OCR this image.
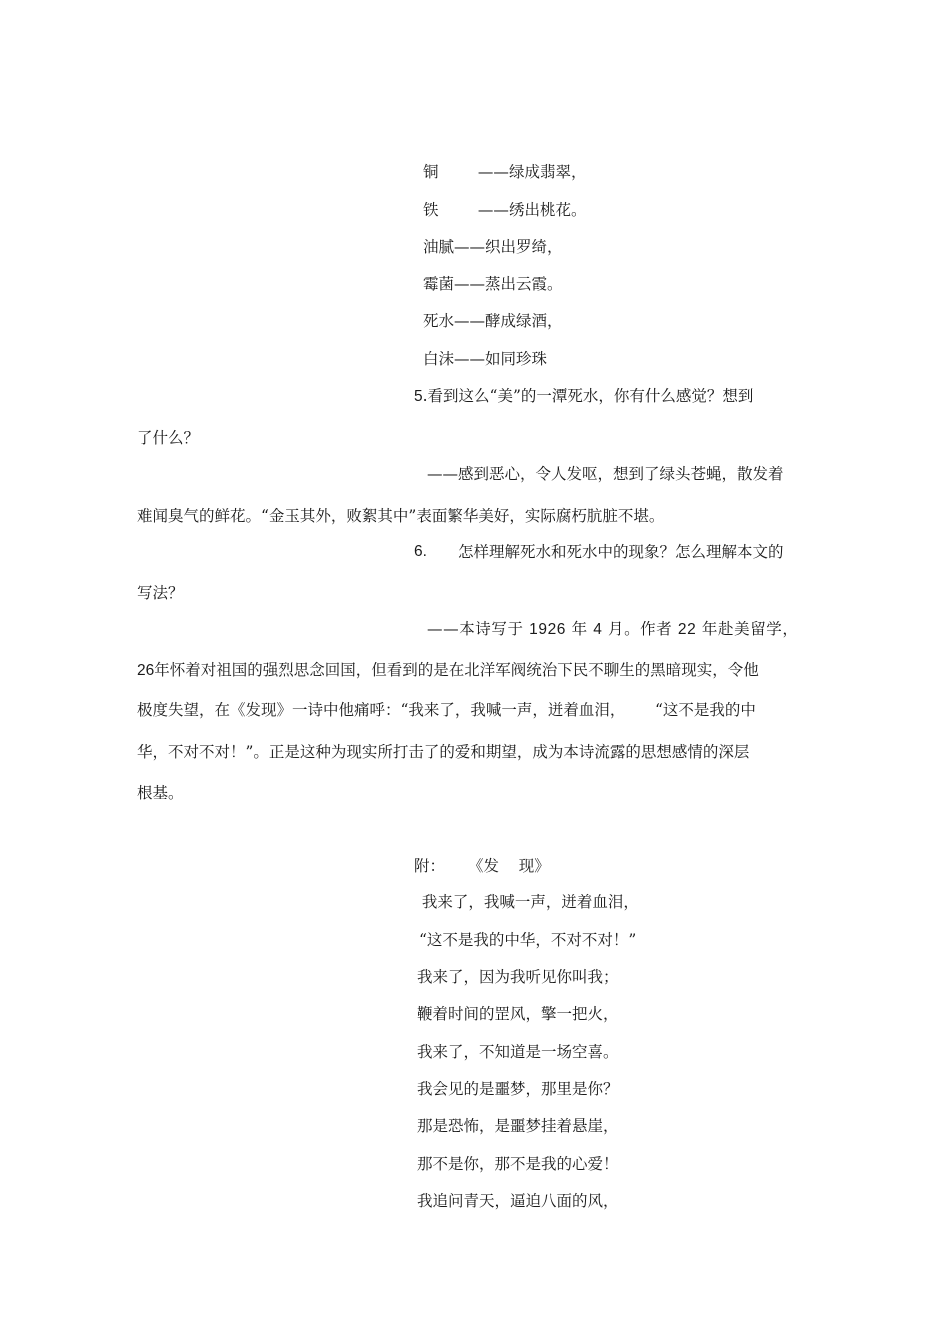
铜        ——绿成翡翠，
铁        ——绣出桃花。
油腻——织出罗绮，
霉菌——蒸出云霞。
死水——酵成绿酒，
白沫——如同珍珠
5.看到这么“美”的一潭死水，你有什么感觉？想到
了什么？
——感到恶心，令人发呕，想到了绿头苍蝇，散发着
难闻臭气的鲜花。“金玉其外，败絮其中”表面繁华美好，实际腐朽肮脏不堪。
6. 怎样理解死水和死水中的现象？怎么理解本文的
写法？
——本诗写于 1926 年 4 月。作者 22 年赴美留学，
26年怀着对祖国的强烈思念回国，但看到的是在北洋军阀统治下民不聊生的黑暗现实，令他
极度失望，在《发现》一诗中他痛呼：“我来了，我喊一声，迸着血泪，      “这不是我的中
华，不对不对！”。正是这种为现实所打击了的爱和期望，成为本诗流露的思想感情的深层
根基。
附： 《发    现》
我来了，我喊一声，迸着血泪，
“这不是我的中华，不对不对！”
我来了，因为我听见你叫我；
鞭着时间的罡风，擎一把火，
我来了，不知道是一场空喜。
我会见的是噩梦，那里是你？
那是恐怖，是噩梦挂着悬崖，
那不是你，那不是我的心爱！
我追问青天，逼迫八面的风，
